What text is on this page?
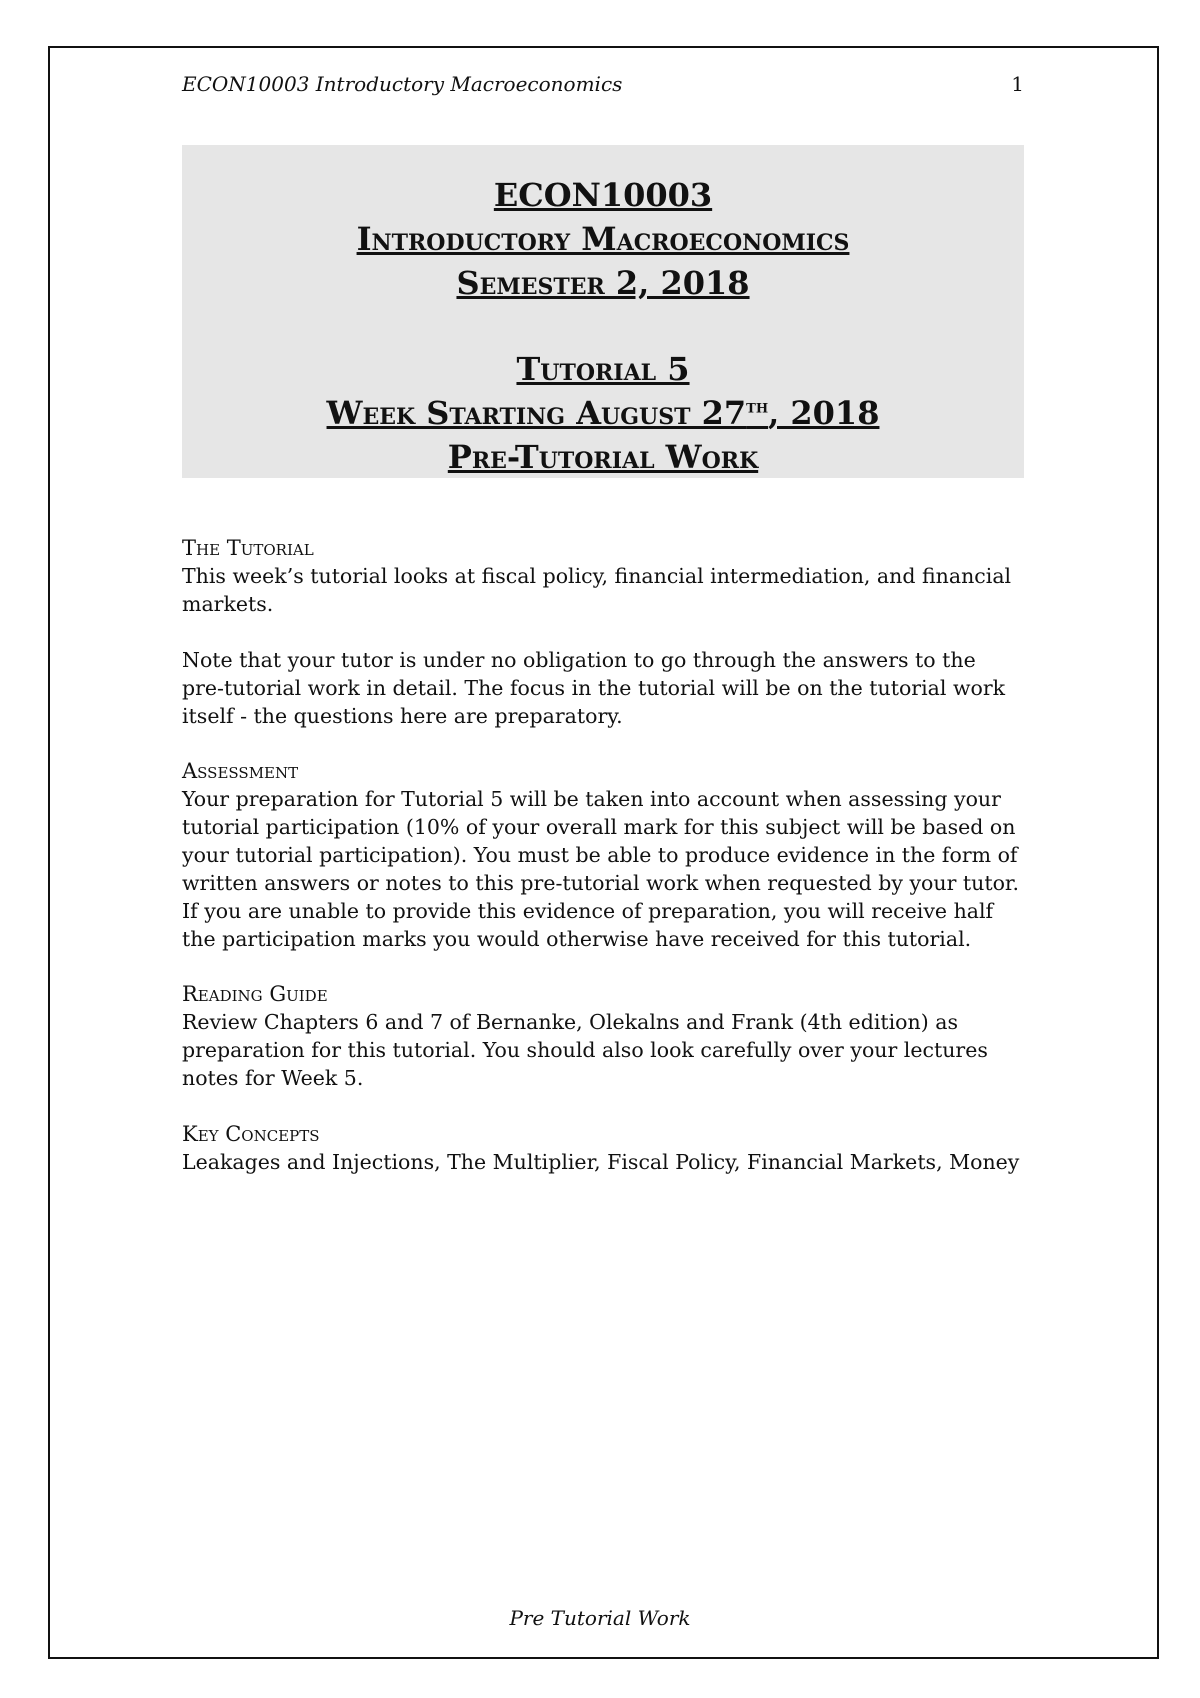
ECON10003 Introductory Macroeconomics	1
ECON10003
Introductory Macroeconomics
Semester 2, 2018
Tutorial 5
Week Starting August 27th, 2018
Pre-Tutorial Work
The Tutorial

This week’s tutorial looks at fiscal policy, financial intermediation, and financial markets.

Note that your tutor is under no obligation to go through the answers to the pre-tutorial work in detail. The focus in the tutorial will be on the tutorial work itself - the questions here are preparatory.

Assessment

Your preparation for Tutorial 5 will be taken into account when assessing your tutorial participation (10% of your overall mark for this subject will be based on your tutorial participation). You must be able to produce evidence in the form of written answers or notes to this pre-tutorial work when requested by your tutor. If you are unable to provide this evidence of preparation, you will receive half the participation marks you would otherwise have received for this tutorial.

Reading Guide

Review Chapters 6 and 7 of Bernanke, Olekalns and Frank (4th edition) as preparation for this tutorial. You should also look carefully over your lectures notes for Week 5.

Key Concepts

Leakages and Injections, The Multiplier, Fiscal Policy, Financial Markets, Money

Pre Tutorial Work
